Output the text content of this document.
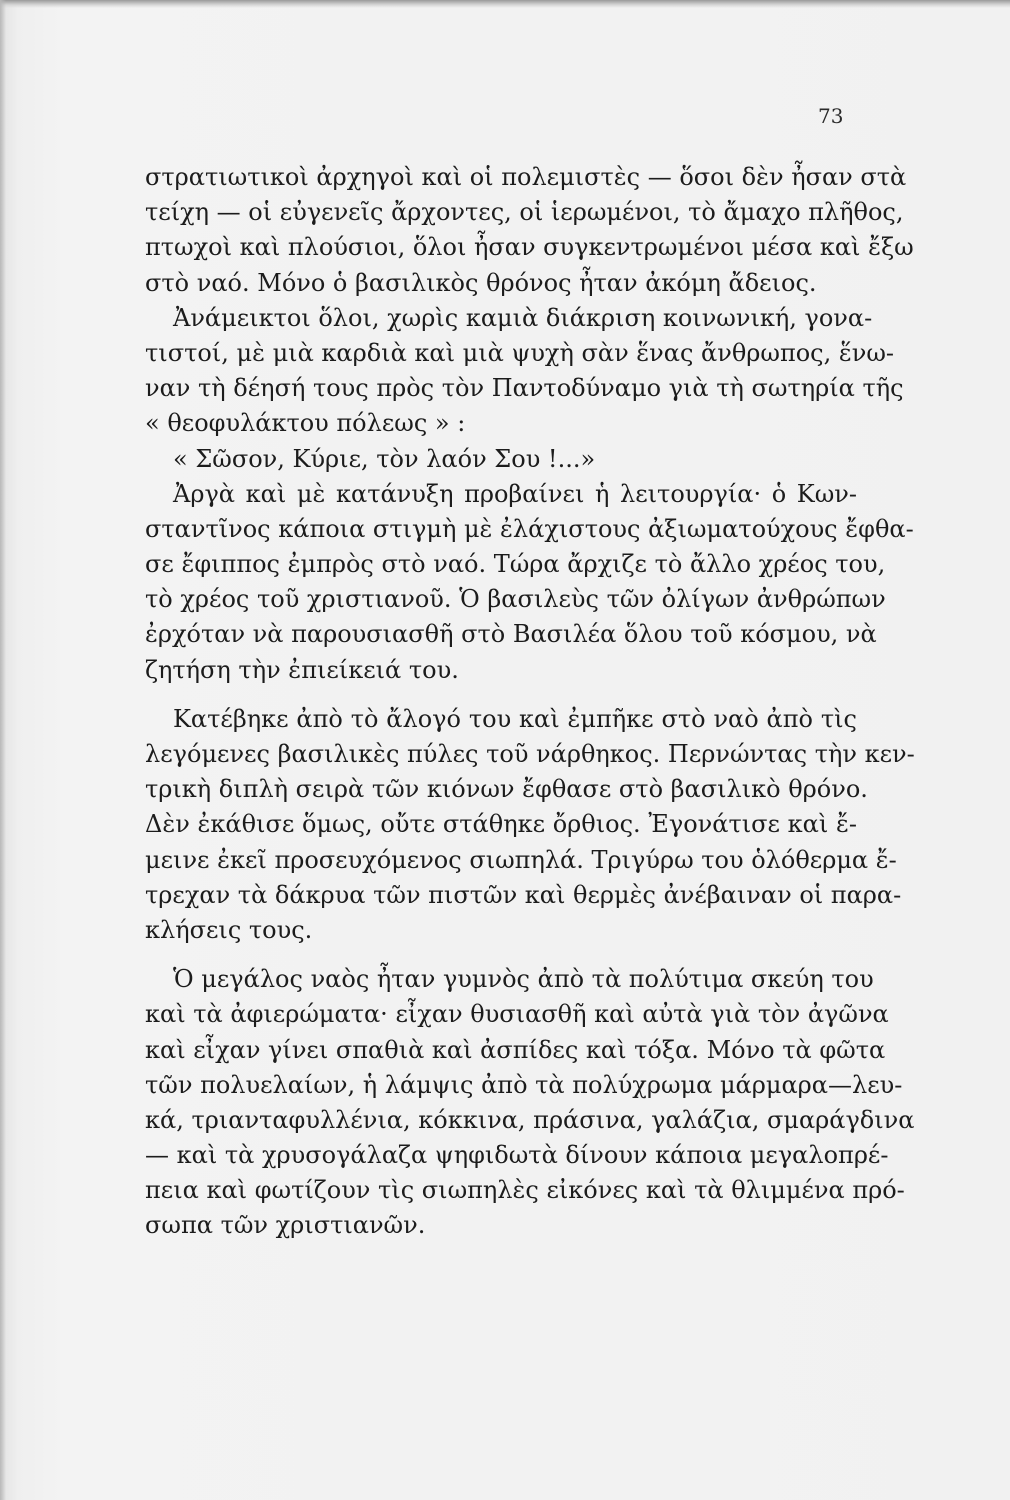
73
στρατιωτικοὶ ἀρχηγοὶ καὶ οἱ πολεμιστὲς — ὅσοι δὲν ἦσαν στὰ
τείχη — οἱ εὐγενεῖς ἄρχοντες, οἱ ἱερωμένοι, τὸ ἄμαχο πλῆθος,
πτωχοὶ καὶ πλούσιοι, ὅλοι ἦσαν συγκεντρωμένοι μέσα καὶ ἔξω
στὸ ναό. Μόνο ὁ βασιλικὸς θρόνος ἦταν ἀκόμη ἄδειος.
Ἀνάμεικτοι ὅλοι, χωρὶς καμιὰ διάκριση κοινωνική, γονα-
τιστοί, μὲ μιὰ καρδιὰ καὶ μιὰ ψυχὴ σὰν ἕνας ἄνθρωπος, ἕνω-
ναν τὴ δέησή τους πρὸς τὸν Παντοδύναμο γιὰ τὴ σωτηρία τῆς
« θεοφυλάκτου πόλεως » :
« Σῶσον, Κύριε, τὸν λαόν Σου !...»
Ἀργὰ καὶ μὲ κατάνυξη προβαίνει ἡ λειτουργία· ὁ Κων-
σταντῖνος κάποια στιγμὴ μὲ ἐλάχιστους ἀξιωματούχους ἔφθα-
σε ἔφιππος ἐμπρὸς στὸ ναό. Τώρα ἄρχιζε τὸ ἄλλο χρέος του,
τὸ χρέος τοῦ χριστιανοῦ. Ὁ βασιλεὺς τῶν ὀλίγων ἀνθρώπων
ἐρχόταν νὰ παρουσιασθῆ στὸ Βασιλέα ὅλου τοῦ κόσμου, νὰ
ζητήση τὴν ἐπιείκειά του.
Κατέβηκε ἀπὸ τὸ ἄλογό του καὶ ἐμπῆκε στὸ ναὸ ἀπὸ τὶς
λεγόμενες βασιλικὲς πύλες τοῦ νάρθηκος. Περνώντας τὴν κεν-
τρικὴ διπλὴ σειρὰ τῶν κιόνων ἔφθασε στὸ βασιλικὸ θρόνο.
Δὲν ἐκάθισε ὅμως, οὔτε στάθηκε ὄρθιος. Ἐγονάτισε καὶ ἔ-
μεινε ἐκεῖ προσευχόμενος σιωπηλά. Τριγύρω του ὁλόθερμα ἔ-
τρεχαν τὰ δάκρυα τῶν πιστῶν καὶ θερμὲς ἀνέβαιναν οἱ παρα-
κλήσεις τους.
Ὁ μεγάλος ναὸς ἦταν γυμνὸς ἀπὸ τὰ πολύτιμα σκεύη του
καὶ τὰ ἀφιερώματα· εἶχαν θυσιασθῆ καὶ αὐτὰ γιὰ τὸν ἀγῶνα
καὶ εἶχαν γίνει σπαθιὰ καὶ ἀσπίδες καὶ τόξα. Μόνο τὰ φῶτα
τῶν πολυελαίων, ἡ λάμψις ἀπὸ τὰ πολύχρωμα μάρμαρα—λευ-
κά, τριανταφυλλένια, κόκκινα, πράσινα, γαλάζια, σμαράγδινα
— καὶ τὰ χρυσογάλαζα ψηφιδωτὰ δίνουν κάποια μεγαλοπρέ-
πεια καὶ φωτίζουν τὶς σιωπηλὲς εἰκόνες καὶ τὰ θλιμμένα πρό-
σωπα τῶν χριστιανῶν.
